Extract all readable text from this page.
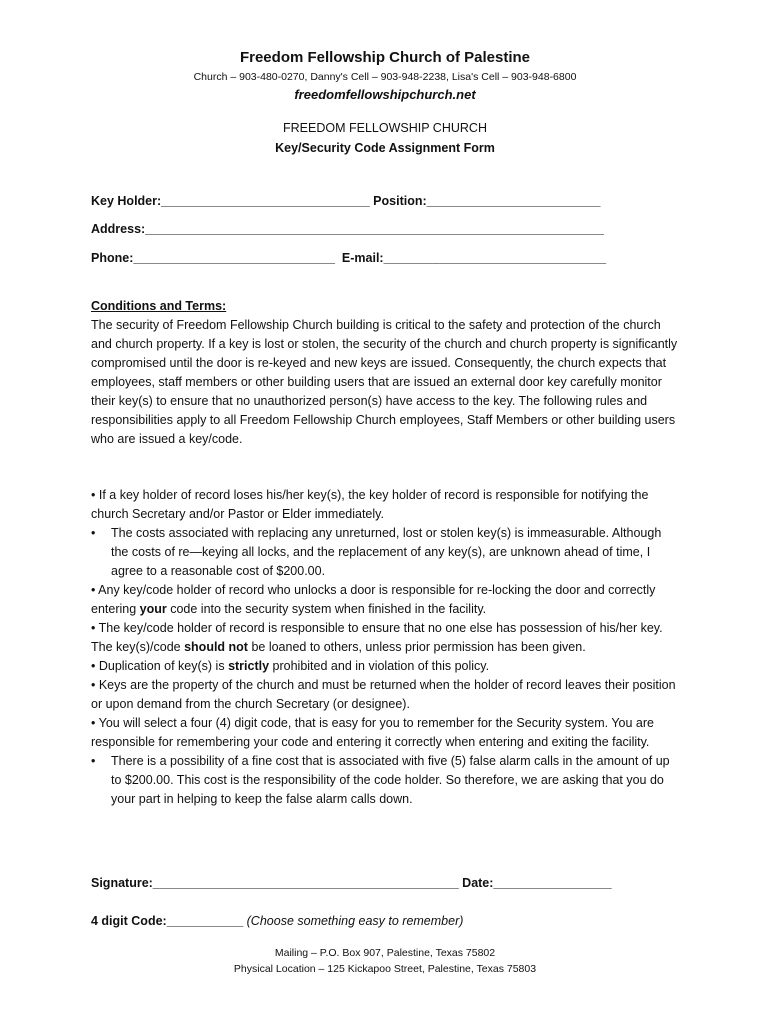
Freedom Fellowship Church of Palestine
Church – 903-480-0270, Danny's Cell – 903-948-2238, Lisa's Cell – 903-948-6800
freedomfellowshipchurch.net
FREEDOM FELLOWSHIP CHURCH
Key/Security Code Assignment Form
Key Holder:______________________________ Position:_________________________
Address:__________________________________________________________________
Phone:_____________________________  E-mail:________________________________
Conditions and Terms:
The security of Freedom Fellowship Church building is critical to the safety and protection of the church and church property. If a key is lost or stolen, the security of the church and church property is significantly compromised until the door is re-keyed and new keys are issued. Consequently, the church expects that employees, staff members or other building users that are issued an external door key carefully monitor their key(s) to ensure that no unauthorized person(s) have access to the key. The following rules and responsibilities apply to all Freedom Fellowship Church employees, Staff Members or other building users who are issued a key/code.

• If a key holder of record loses his/her key(s), the key holder of record is responsible for notifying the church Secretary and/or Pastor or Elder immediately.

• The costs associated with replacing any unreturned, lost or stolen key(s) is immeasurable. Although the costs of re—keying all locks, and the replacement of any key(s), are unknown ahead of time, I agree to a reasonable cost of $200.00.

• Any key/code holder of record who unlocks a door is responsible for re-locking the door and correctly entering your code into the security system when finished in the facility.

• The key/code holder of record is responsible to ensure that no one else has possession of his/her key. The key(s)/code should not be loaned to others, unless prior permission has been given.

• Duplication of key(s) is strictly prohibited and in violation of this policy.

• Keys are the property of the church and must be returned when the holder of record leaves their position or upon demand from the church Secretary (or designee).

• You will select a four (4) digit code, that is easy for you to remember for the Security system. You are responsible for remembering your code and entering it correctly when entering and exiting the facility.

• There is a possibility of a fine cost that is associated with five (5) false alarm calls in the amount of up to $200.00. This cost is the responsibility of the code holder. So therefore, we are asking that you do your part in helping to keep the false alarm calls down.

Signature:____________________________________________ Date:_________________
4 digit Code:___________ (Choose something easy to remember)
Mailing – P.O. Box 907, Palestine, Texas 75802
Physical Location – 125 Kickapoo Street, Palestine, Texas 75803
